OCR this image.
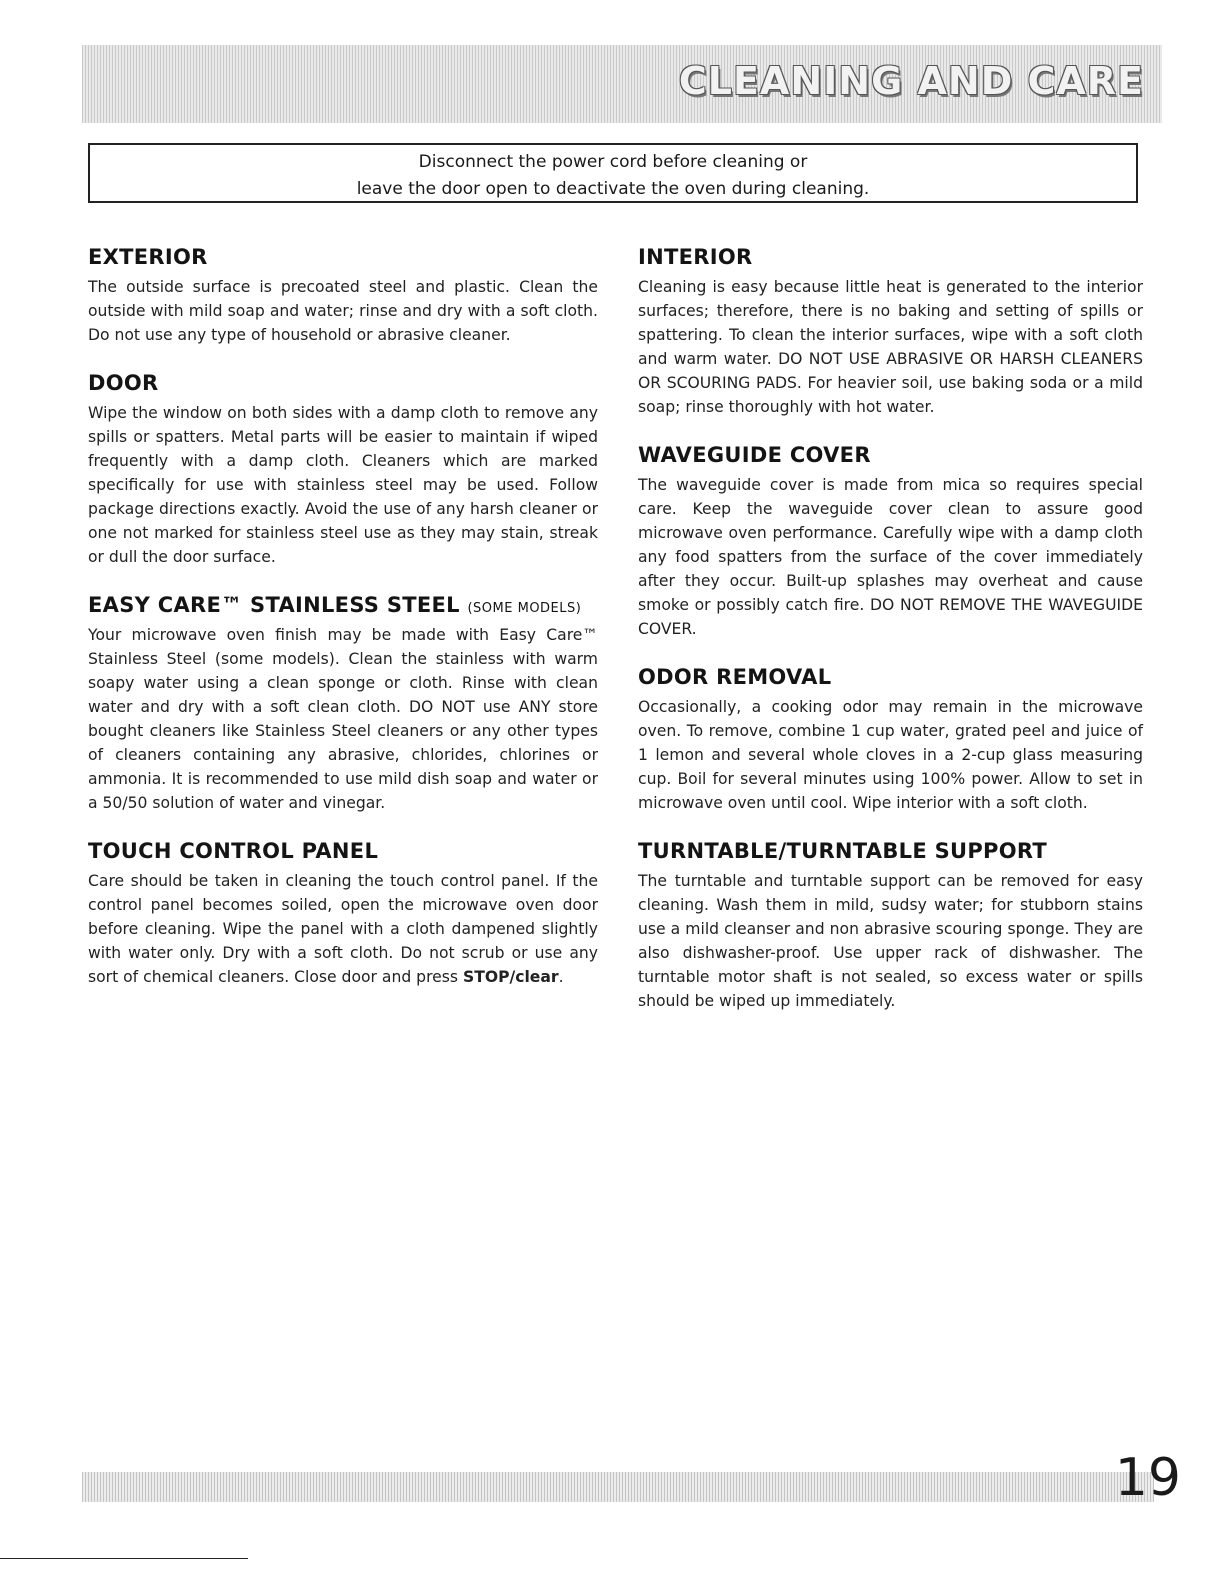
CLEANING AND CARE
Disconnect the power cord before cleaning or
leave the door open to deactivate the oven during cleaning.
EXTERIOR

The outside surface is precoated steel and plastic. Clean the outside with mild soap and water; rinse and dry with a soft cloth. Do not use any type of household or abrasive cleaner.

DOOR

Wipe the window on both sides with a damp cloth to remove any spills or spatters. Metal parts will be easier to maintain if wiped frequently with a damp cloth. Cleaners which are marked specifically for use with stainless steel may be used. Follow package directions exactly. Avoid the use of any harsh cleaner or one not marked for stainless steel use as they may stain, streak or dull the door surface.

EASY CARE™ STAINLESS STEEL (SOME MODELS)

Your microwave oven finish may be made with Easy Care™ Stainless Steel (some models). Clean the stainless with warm soapy water using a clean sponge or cloth. Rinse with clean water and dry with a soft clean cloth. DO NOT use ANY store bought cleaners like Stainless Steel cleaners or any other types of cleaners containing any abrasive, chlorides, chlorines or ammonia. It is recommended to use mild dish soap and water or a 50/50 solution of water and vinegar.

TOUCH CONTROL PANEL

Care should be taken in cleaning the touch control panel. If the control panel becomes soiled, open the microwave oven door before cleaning. Wipe the panel with a cloth dampened slightly with water only. Dry with a soft cloth. Do not scrub or use any sort of chemical cleaners. Close door and press STOP/clear.

INTERIOR

Cleaning is easy because little heat is generated to the interior surfaces; therefore, there is no baking and setting of spills or spattering. To clean the interior surfaces, wipe with a soft cloth and warm water. DO NOT USE ABRASIVE OR HARSH CLEANERS OR SCOURING PADS. For heavier soil, use baking soda or a mild soap; rinse thoroughly with hot water.

WAVEGUIDE COVER

The waveguide cover is made from mica so requires special care. Keep the waveguide cover clean to assure good microwave oven performance. Carefully wipe with a damp cloth any food spatters from the surface of the cover immediately after they occur. Built-up splashes may overheat and cause smoke or possibly catch fire. DO NOT REMOVE THE WAVEGUIDE COVER.

ODOR REMOVAL

Occasionally, a cooking odor may remain in the microwave oven. To remove, combine 1 cup water, grated peel and juice of 1 lemon and several whole cloves in a 2-cup glass measuring cup. Boil for several minutes using 100% power. Allow to set in microwave oven until cool. Wipe interior with a soft cloth.

TURNTABLE/TURNTABLE SUPPORT

The turntable and turntable support can be removed for easy cleaning. Wash them in mild, sudsy water; for stubborn stains use a mild cleanser and non abrasive scouring sponge. They are also dishwasher-proof. Use upper rack of dishwasher. The turntable motor shaft is not sealed, so excess water or spills should be wiped up immediately.

19
